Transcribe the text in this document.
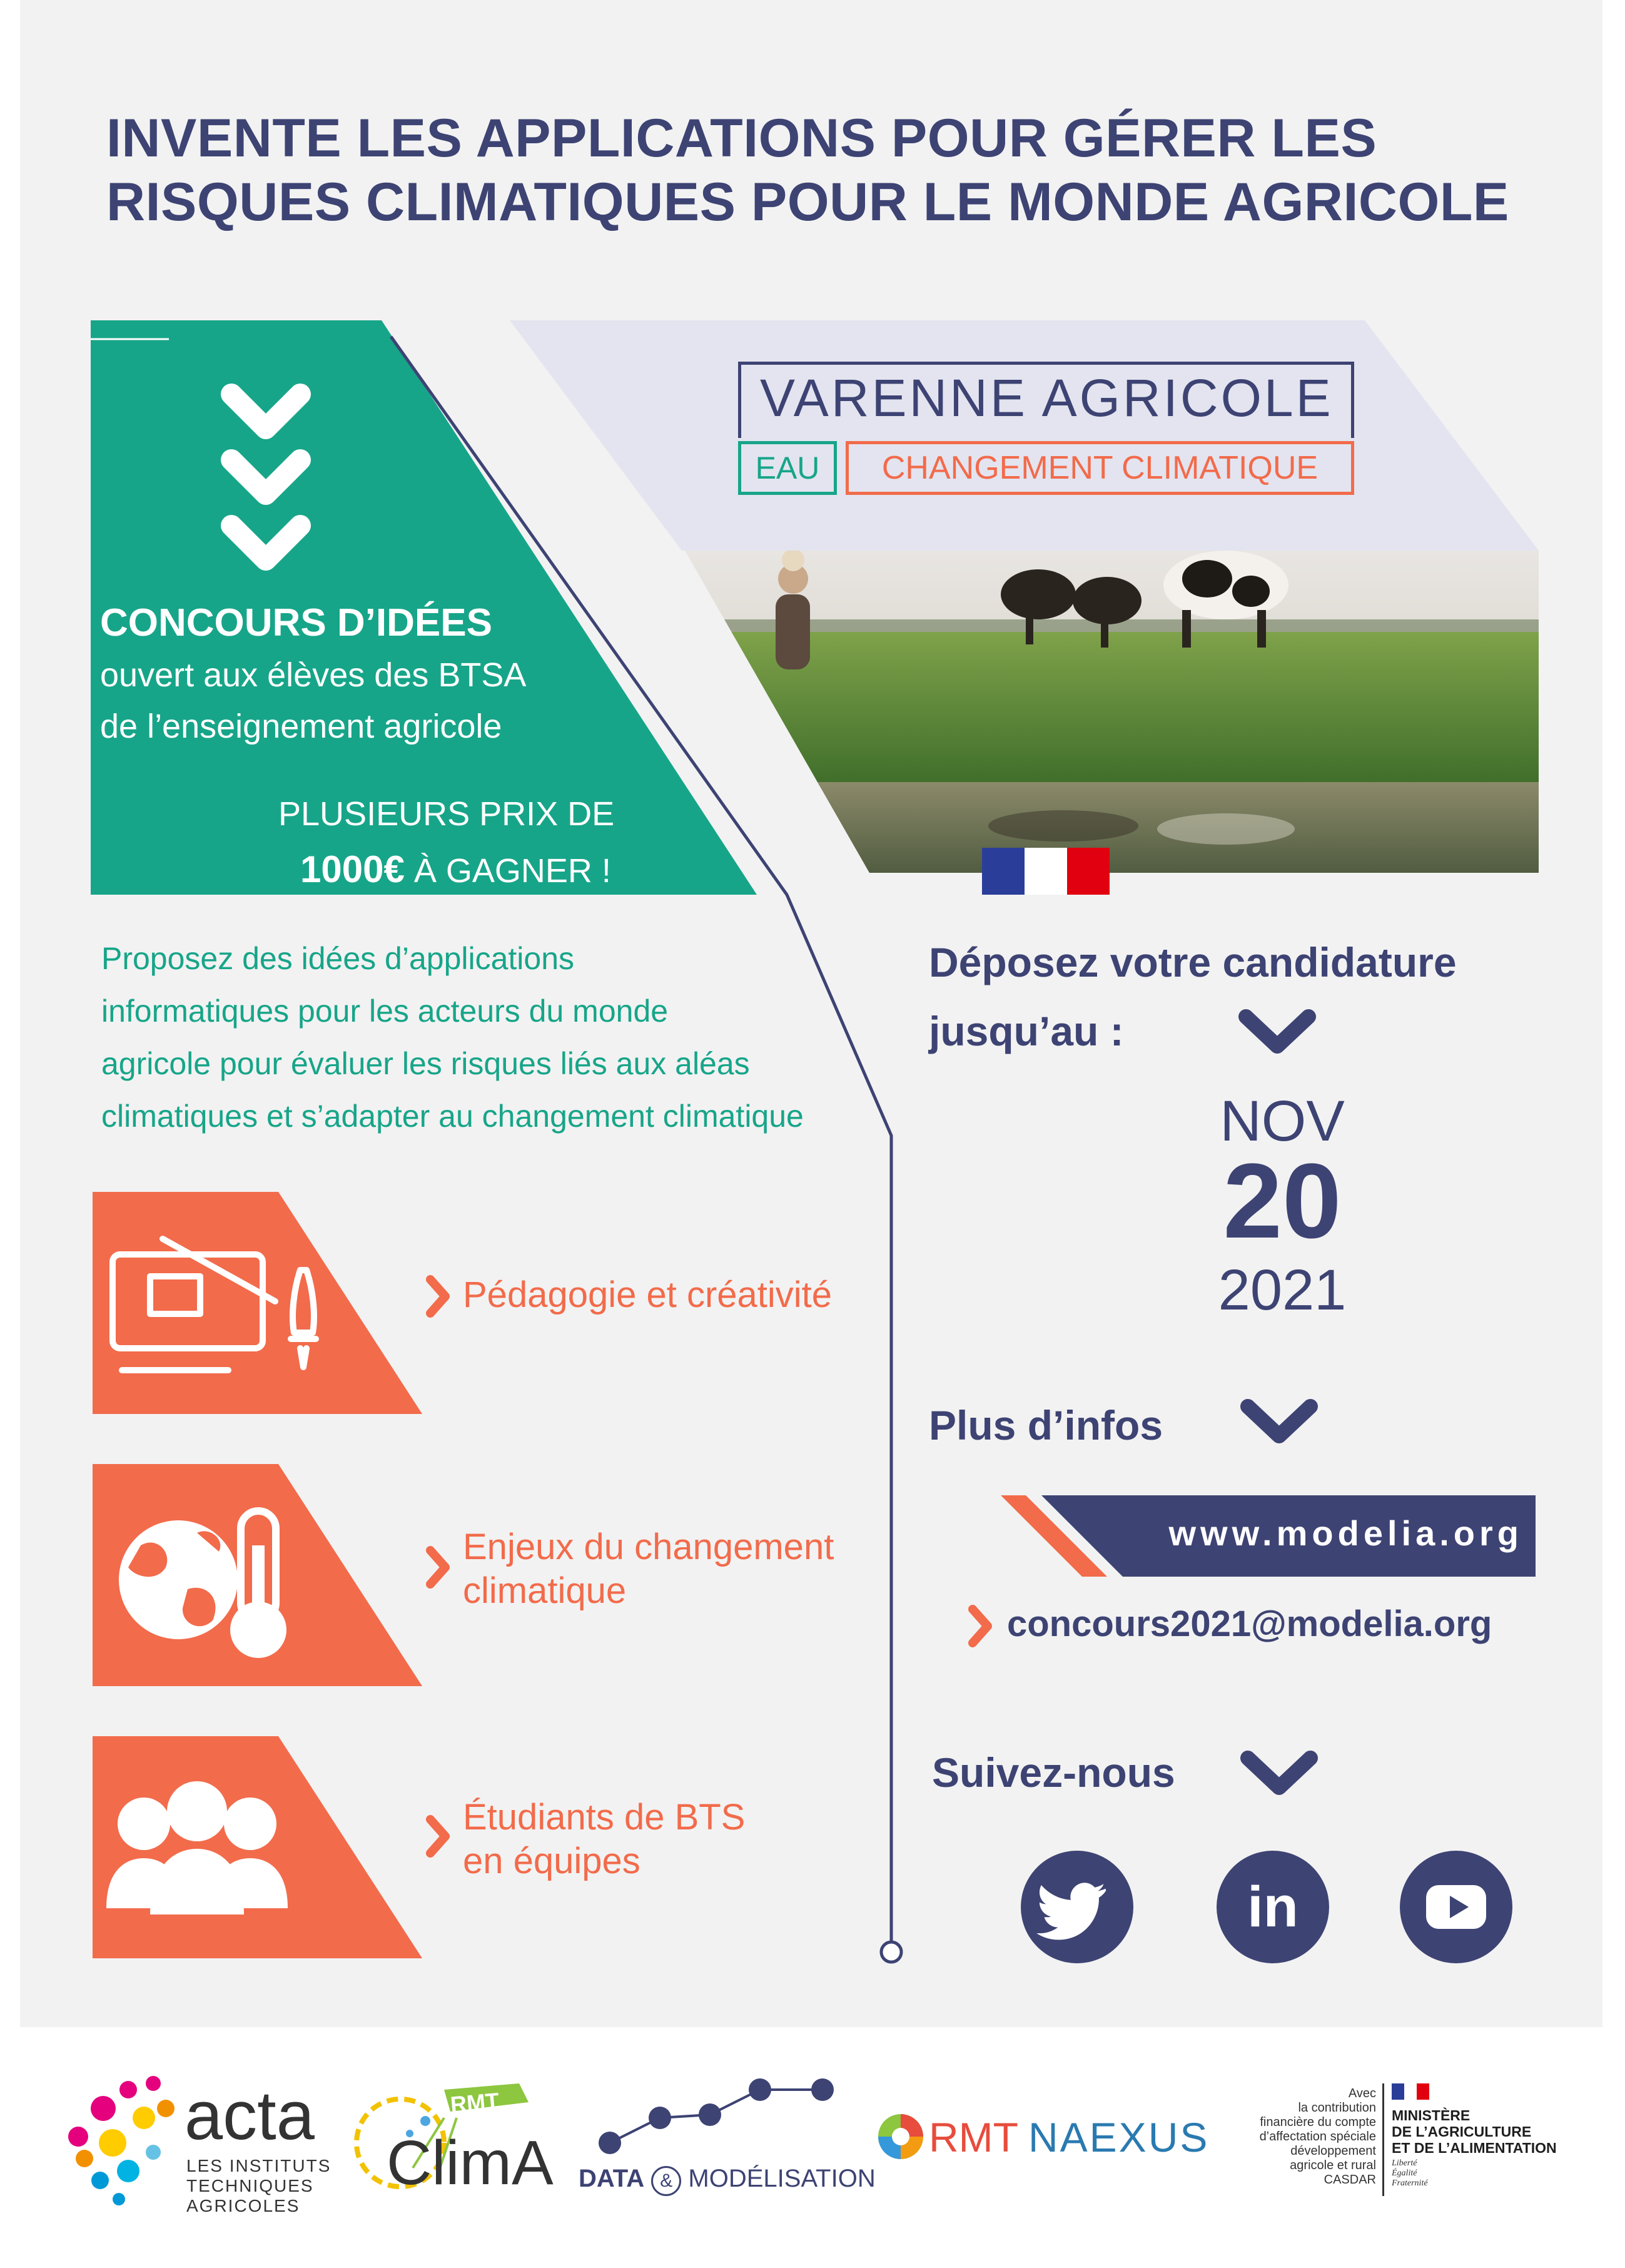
INVENTE LES APPLICATIONS POUR GÉRER LES
RISQUES CLIMATIQUES POUR LE MONDE AGRICOLE
VARENNE AGRICOLE
EAU	CHANGEMENT CLIMATIQUE
CONCOURS D’IDÉES
ouvert aux élèves des BTSA
de l’enseignement agricole
PLUSIEURS PRIX DE
1000€ À GAGNER !
Proposez des idées d’applications
informatiques pour les acteurs du monde
agricole pour évaluer les risques liés aux aléas
climatiques et s’adapter au changement climatique
Pédagogie et créativité
Enjeux du changement
climatique
Étudiants de BTS
en équipes
Déposez votre candidature
jusqu’au :
NOV
20
2021
Plus d’infos
www.modelia.org
concours2021@modelia.org
Suivez-nous
in
acta
LES INSTITUTS
TECHNIQUES
AGRICOLES
RMT
ClimA DATA & MODÉLISATION
RMT NAEXUS
Avec
la contribution
financière du compte
d’affectation spéciale
développement
agricole et rural
CASDAR
MINISTÈRE
DE L’AGRICULTURE
ET DE L’ALIMENTATION
Liberté
Égalité
Fraternité
